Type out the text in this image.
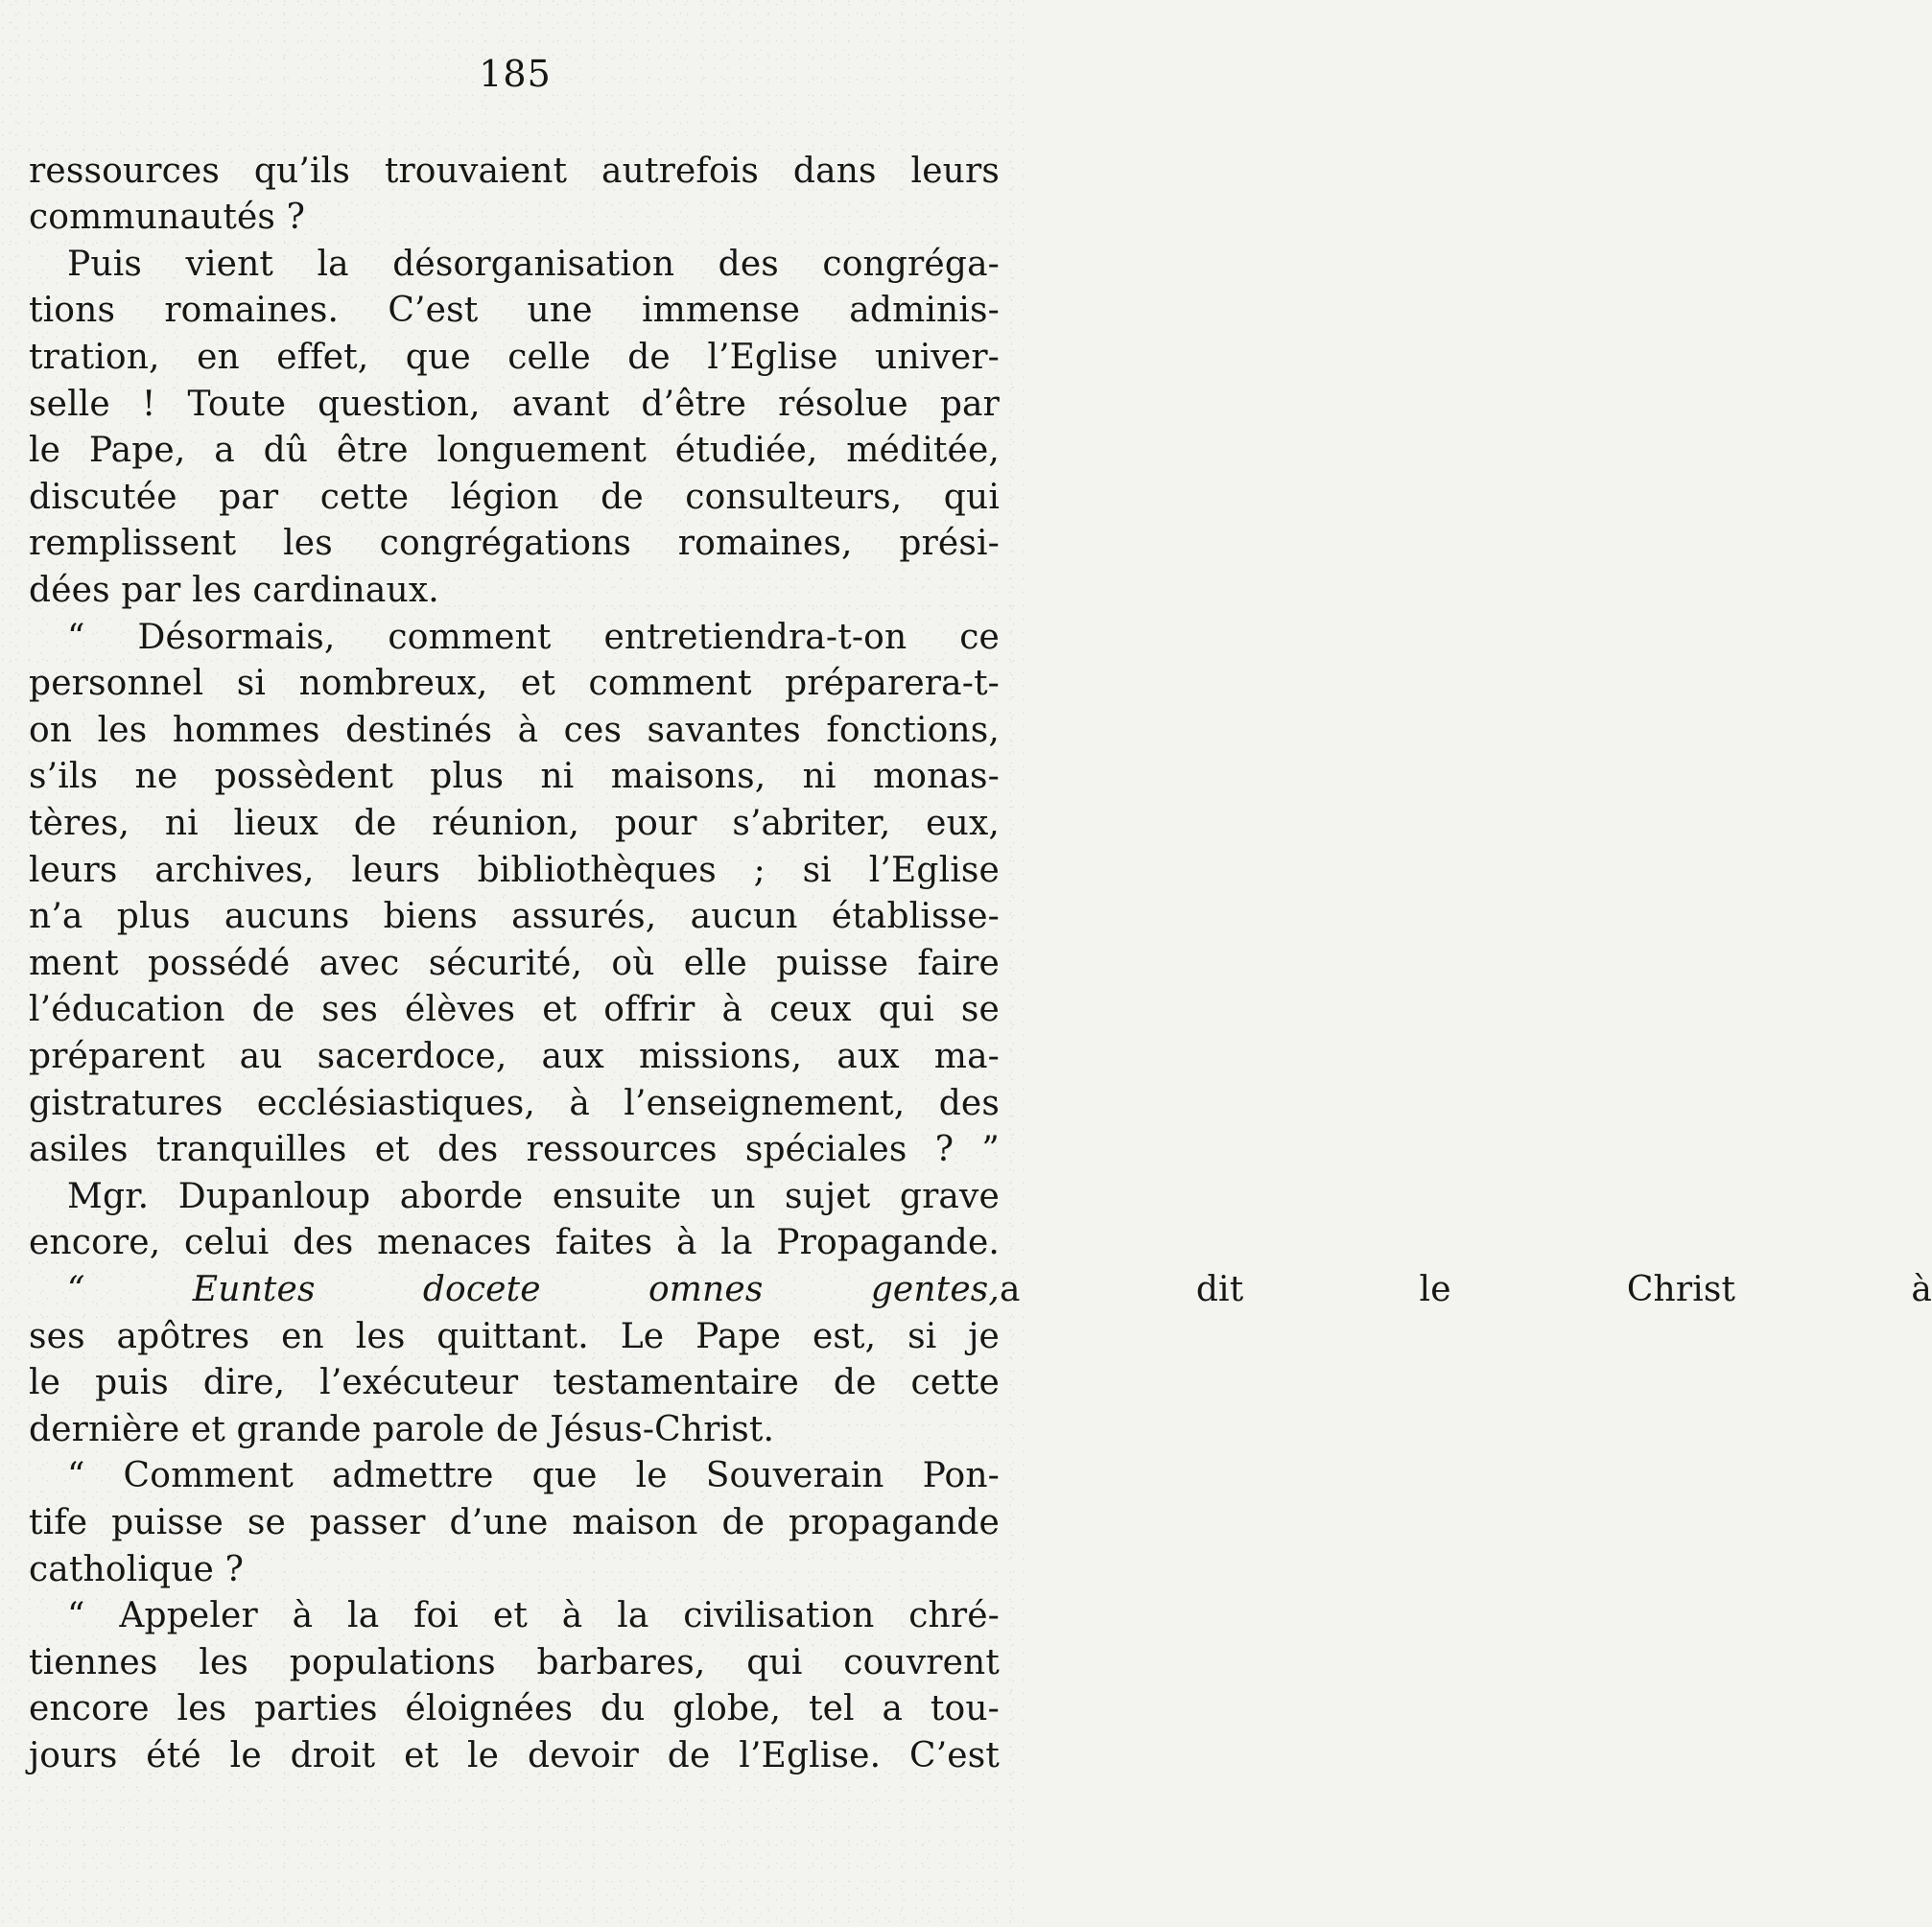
185
ressources qu’ils trouvaient autrefois dans leurs
communautés ?
Puis vient la désorganisation des congréga-
tions romaines. C’est une immense adminis-
tration, en effet, que celle de l’Eglise univer-
selle ! Toute question, avant d’être résolue par
le Pape, a dû être longuement étudiée, méditée,
discutée par cette légion de consulteurs, qui
remplissent les congrégations romaines, prési-
dées par les cardinaux.
“ Désormais, comment entretiendra-t-on ce
personnel si nombreux, et comment préparera-t-
on les hommes destinés à ces savantes fonctions,
s’ils ne possèdent plus ni maisons, ni monas-
tères, ni lieux de réunion, pour s’abriter, eux,
leurs archives, leurs bibliothèques ; si l’Eglise
n’a plus aucuns biens assurés, aucun établisse-
ment possédé avec sécurité, où elle puisse faire
l’éducation de ses élèves et offrir à ceux qui se
préparent au sacerdoce, aux missions, aux ma-
gistratures ecclésiastiques, à l’enseignement, des
asiles tranquilles et des ressources spéciales ? ”
Mgr. Dupanloup aborde ensuite un sujet grave
encore, celui des menaces faites à la Propagande.
“ Euntes docete omnes gentes,a dit le Christ à
ses apôtres en les quittant. Le Pape est, si je
le puis dire, l’exécuteur testamentaire de cette
dernière et grande parole de Jésus-Christ.
“ Comment admettre que le Souverain Pon-
tife puisse se passer d’une maison de propagande
catholique ?
“ Appeler à la foi et à la civilisation chré-
tiennes les populations barbares, qui couvrent
encore les parties éloignées du globe, tel a tou-
jours été le droit et le devoir de l’Eglise. C’est
